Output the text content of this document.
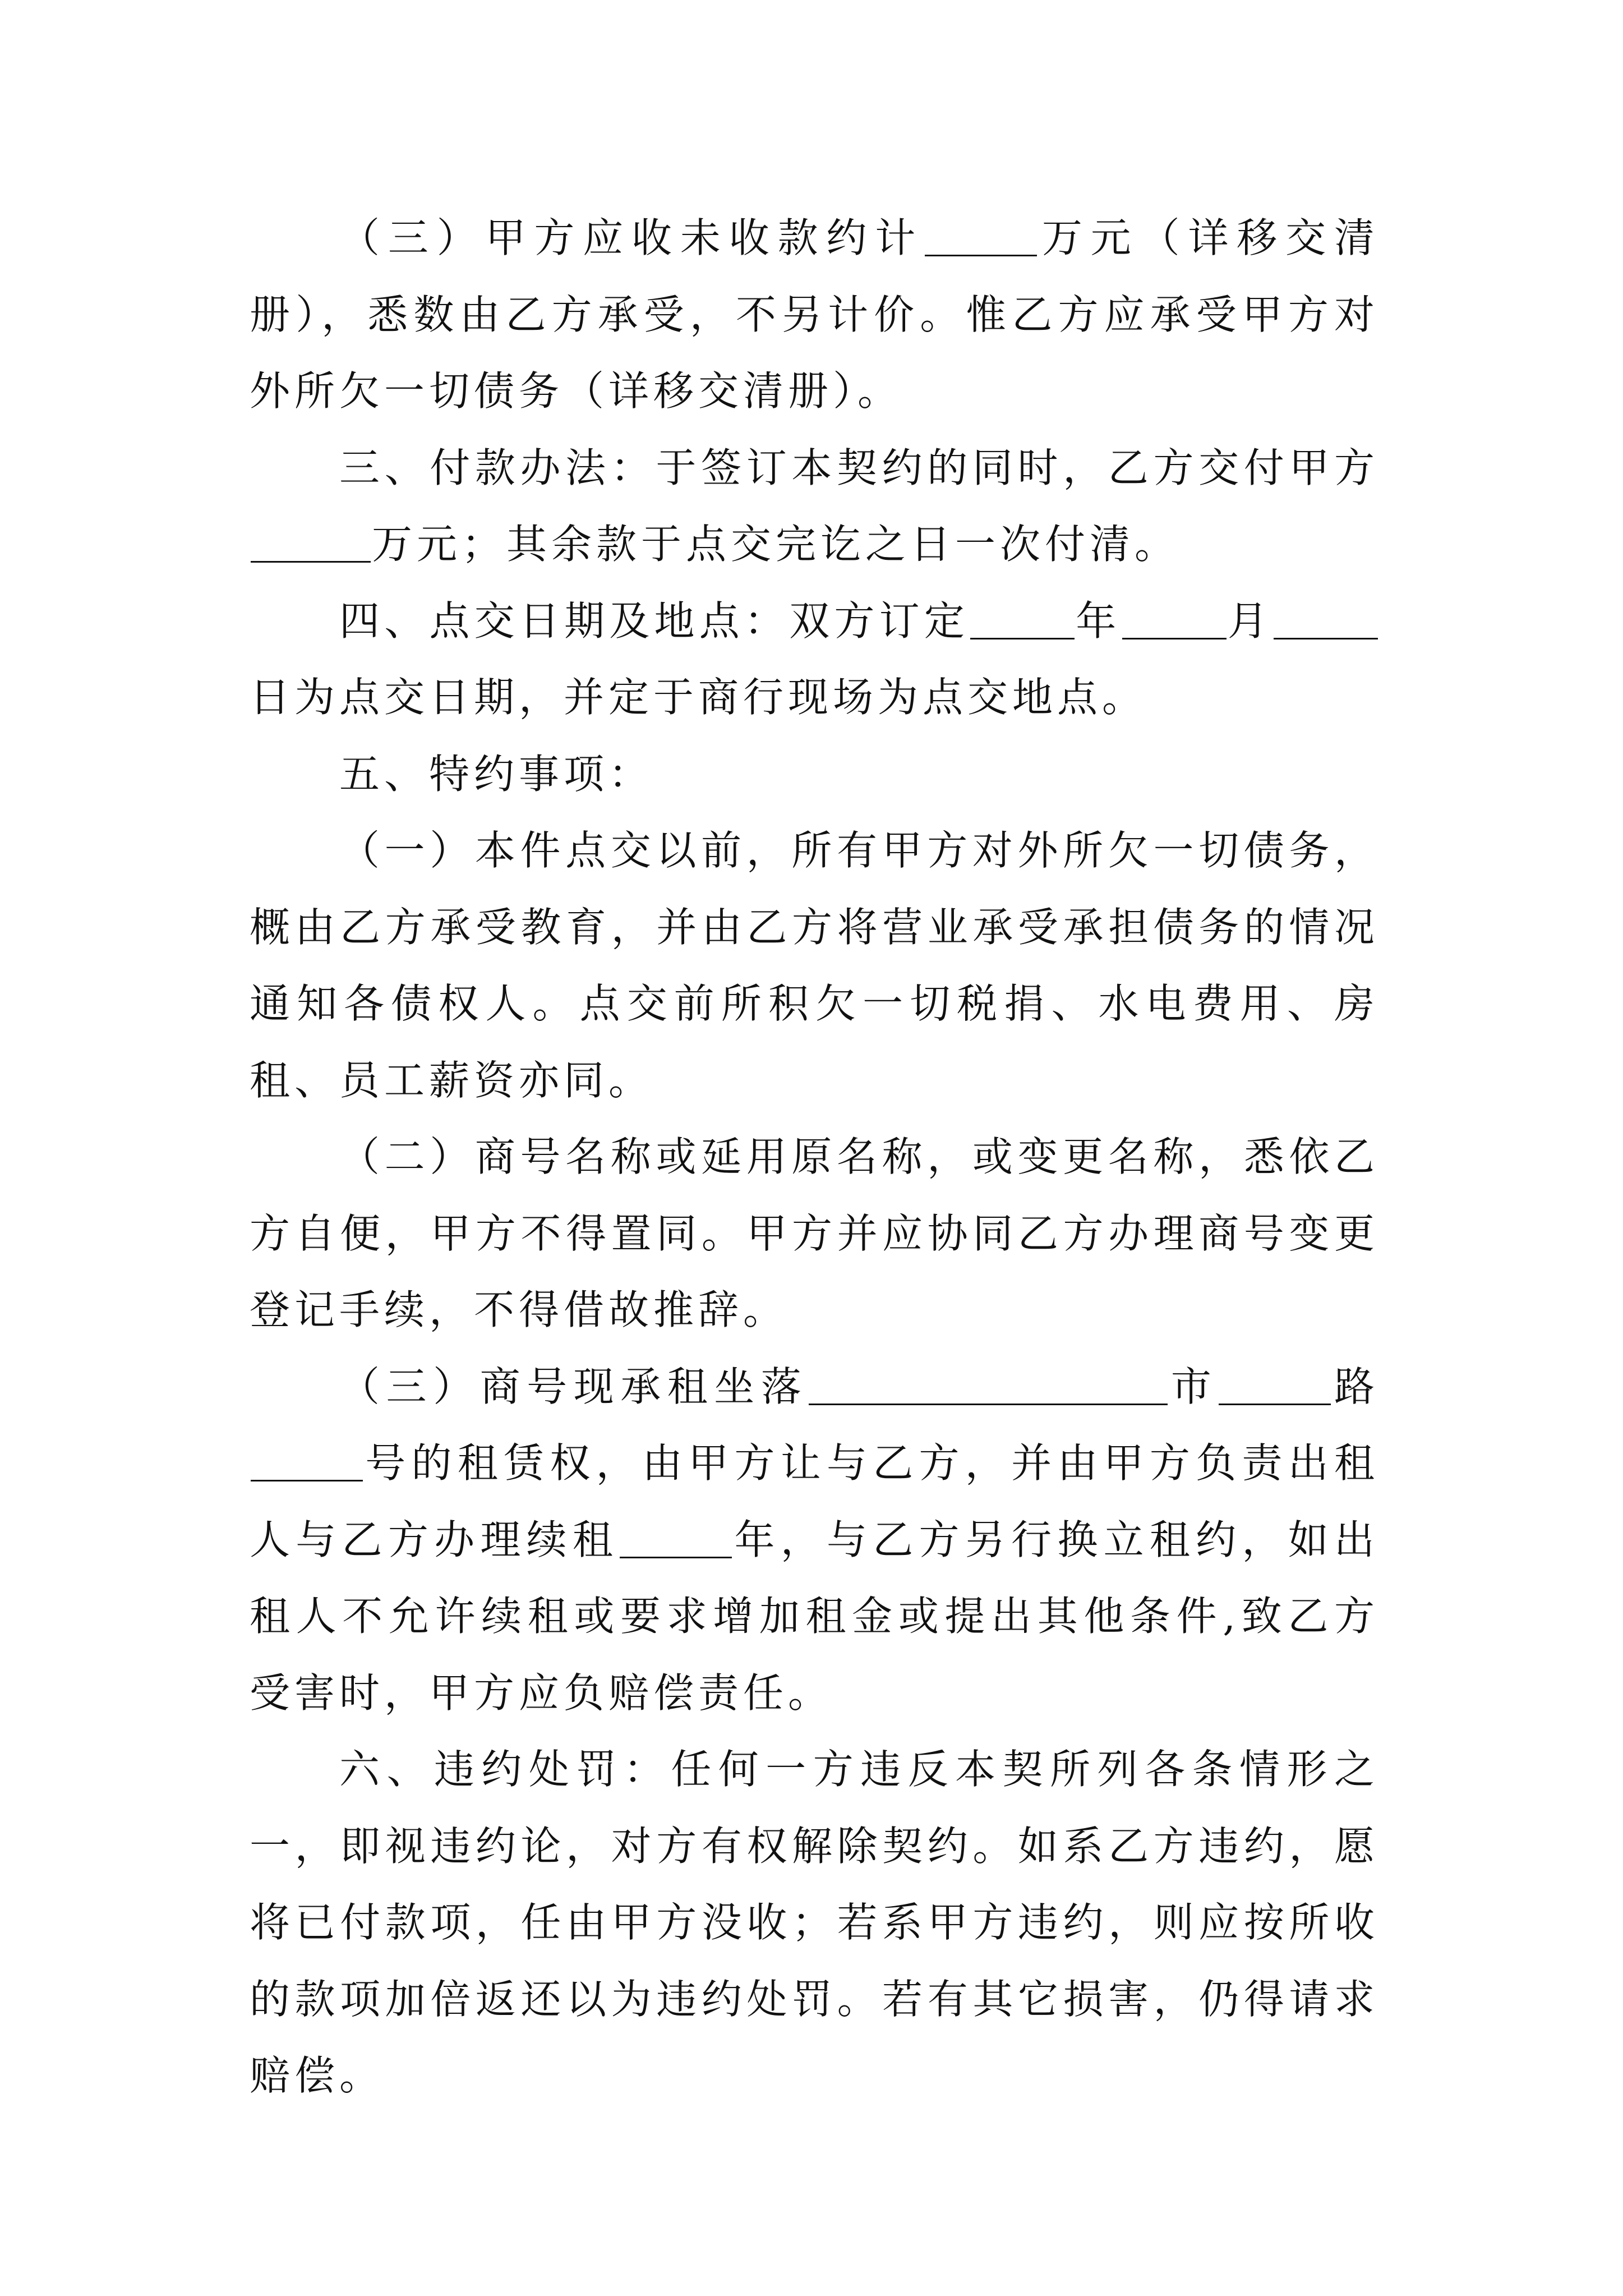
（三）甲方应收未收款约计	万元（详移交清册），悉数由乙方承受，不另计价。惟乙方应承受甲方对外所欠一切债务（详移交清册）。

三、付款办法：于签订本契约的同时，乙方交付甲方万元；其余款于点交完讫之日一次付清。

四、点交日期及地点：双方订定	年	月日为点交日期，并定于商行现场为点交地点。

五、特约事项：

（一）本件点交以前，所有甲方对外所欠一切债务，概由乙方承受教育，并由乙方将营业承受承担债务的情况通知各债权人。点交前所积欠一切税捐、水电费用、房租、员工薪资亦同。

（二）商号名称或延用原名称，或变更名称，悉依乙方自便，甲方不得置同。甲方并应协同乙方办理商号变更登记手续，不得借故推辞。

（三）商号现承租坐落	市	路号的租赁权，由甲方让与乙方，并由甲方负责出租人与乙方办理续租	年，与乙方另行换立租约，如出租人不允许续租或要求增加租金或提出其他条件,致乙方受害时，甲方应负赔偿责任。

六、违约处罚：任何一方违反本契所列各条情形之一，即视违约论，对方有权解除契约。如系乙方违约，愿将已付款项，任由甲方没收；若系甲方违约，则应按所收的款项加倍返还以为违约处罚。若有其它损害，仍得请求赔偿。
